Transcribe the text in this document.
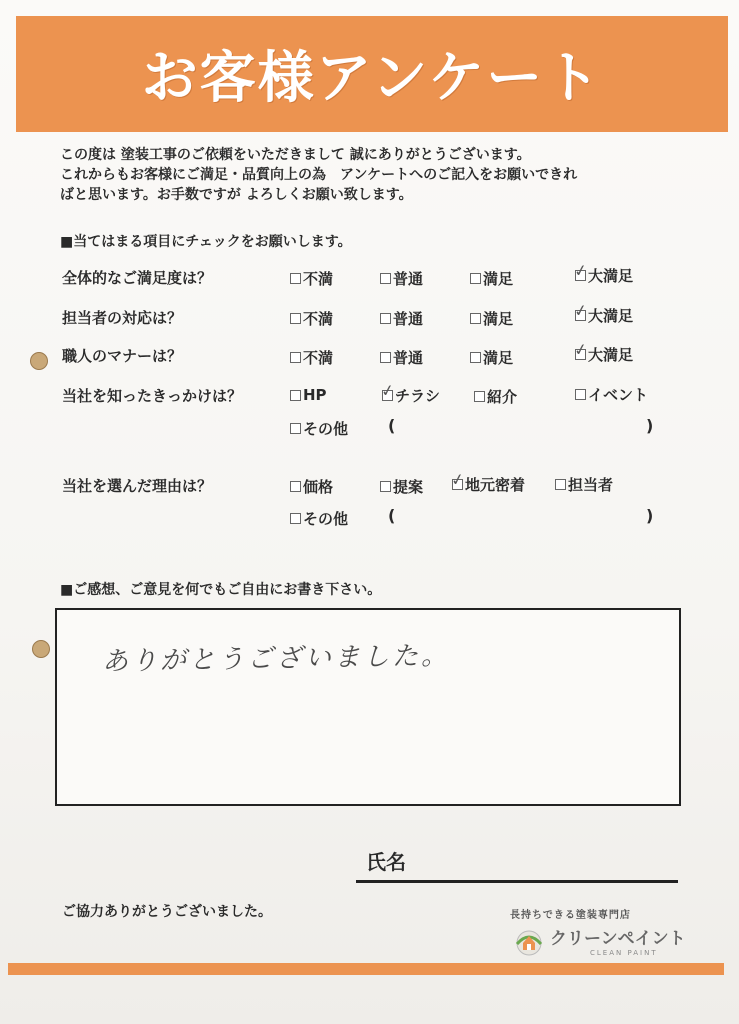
お客様アンケート
この度は 塗装工事のご依頼をいただきまして 誠にありがとうございます。
これからもお客様にご満足・品質向上の為　アンケートへのご記入をお願いできれ
ばと思います。お手数ですが よろしくお願い致します。
■当てはまる項目にチェックをお願いします。
全体的なご満足度は？	不満	普通	満足	✓ 大満足
担当者の対応は？	不満	普通	満足	✓ 大満足
職人のマナーは？	不満	普通	満足	✓ 大満足
当社を知ったきっかけは？	HP	✓ チラシ	紹介	イベント
その他 (	)
当社を選んだ理由は？	価格	提案 ✓ 地元密着	担当者
その他 (	)
■ご感想、ご意見を何でもご自由にお書き下さい。
ありがとうございました。
氏名
ご協力ありがとうございました。	長持ちできる塗装専門店
クリーンペイント
CLEAN PAINT
